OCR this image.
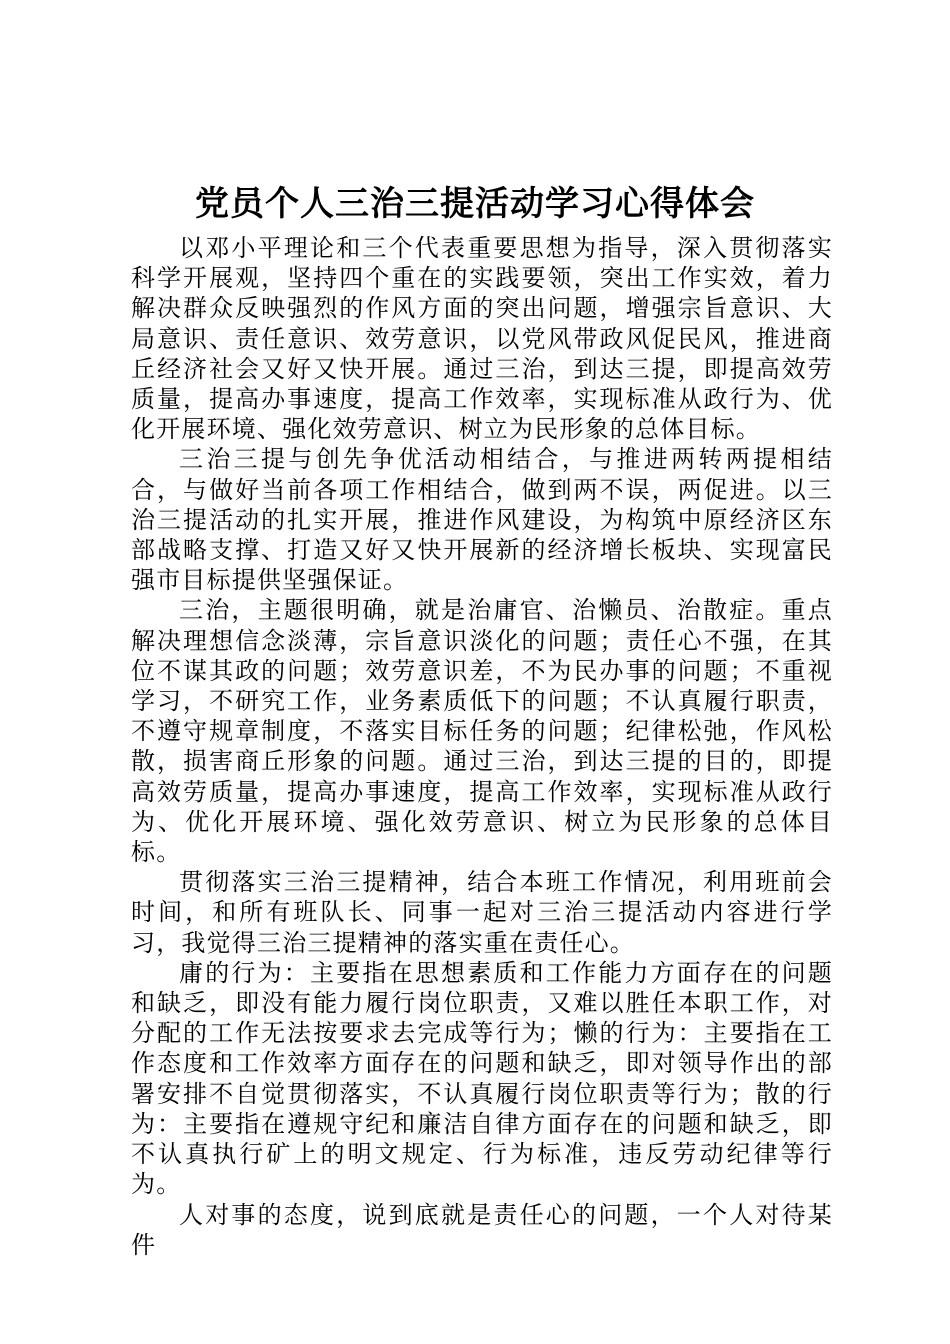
党员个人三治三提活动学习心得体会

以邓小平理论和三个代表重要思想为指导，深入贯彻落实科学开展观，坚持四个重在的实践要领，突出工作实效，着力解决群众反映强烈的作风方面的突出问题，增强宗旨意识、大局意识、责任意识、效劳意识，以党风带政风促民风，推进商丘经济社会又好又快开展。通过三治，到达三提，即提高效劳质量，提高办事速度，提高工作效率，实现标准从政行为、优化开展环境、强化效劳意识、树立为民形象的总体目标。

三治三提与创先争优活动相结合，与推进两转两提相结合，与做好当前各项工作相结合，做到两不误，两促进。以三治三提活动的扎实开展，推进作风建设，为构筑中原经济区东部战略支撑、打造又好又快开展新的经济增长板块、实现富民强市目标提供坚强保证。

三治，主题很明确，就是治庸官、治懒员、治散症。重点解决理想信念淡薄，宗旨意识淡化的问题；责任心不强，在其位不谋其政的问题；效劳意识差，不为民办事的问题；不重视学习，不研究工作，业务素质低下的问题；不认真履行职责，不遵守规章制度，不落实目标任务的问题；纪律松弛，作风松散，损害商丘形象的问题。通过三治，到达三提的目的，即提高效劳质量，提高办事速度，提高工作效率，实现标准从政行为、优化开展环境、强化效劳意识、树立为民形象的总体目标。

贯彻落实三治三提精神，结合本班工作情况，利用班前会时间，和所有班队长、同事一起对三治三提活动内容进行学习，我觉得三治三提精神的落实重在责任心。

庸的行为：主要指在思想素质和工作能力方面存在的问题和缺乏，即没有能力履行岗位职责，又难以胜任本职工作，对分配的工作无法按要求去完成等行为；懒的行为：主要指在工作态度和工作效率方面存在的问题和缺乏，即对领导作出的部署安排不自觉贯彻落实，不认真履行岗位职责等行为；散的行为：主要指在遵规守纪和廉洁自律方面存在的问题和缺乏，即不认真执行矿上的明文规定、行为标准，违反劳动纪律等行为。

人对事的态度，说到底就是责任心的问题，一个人对待某件
